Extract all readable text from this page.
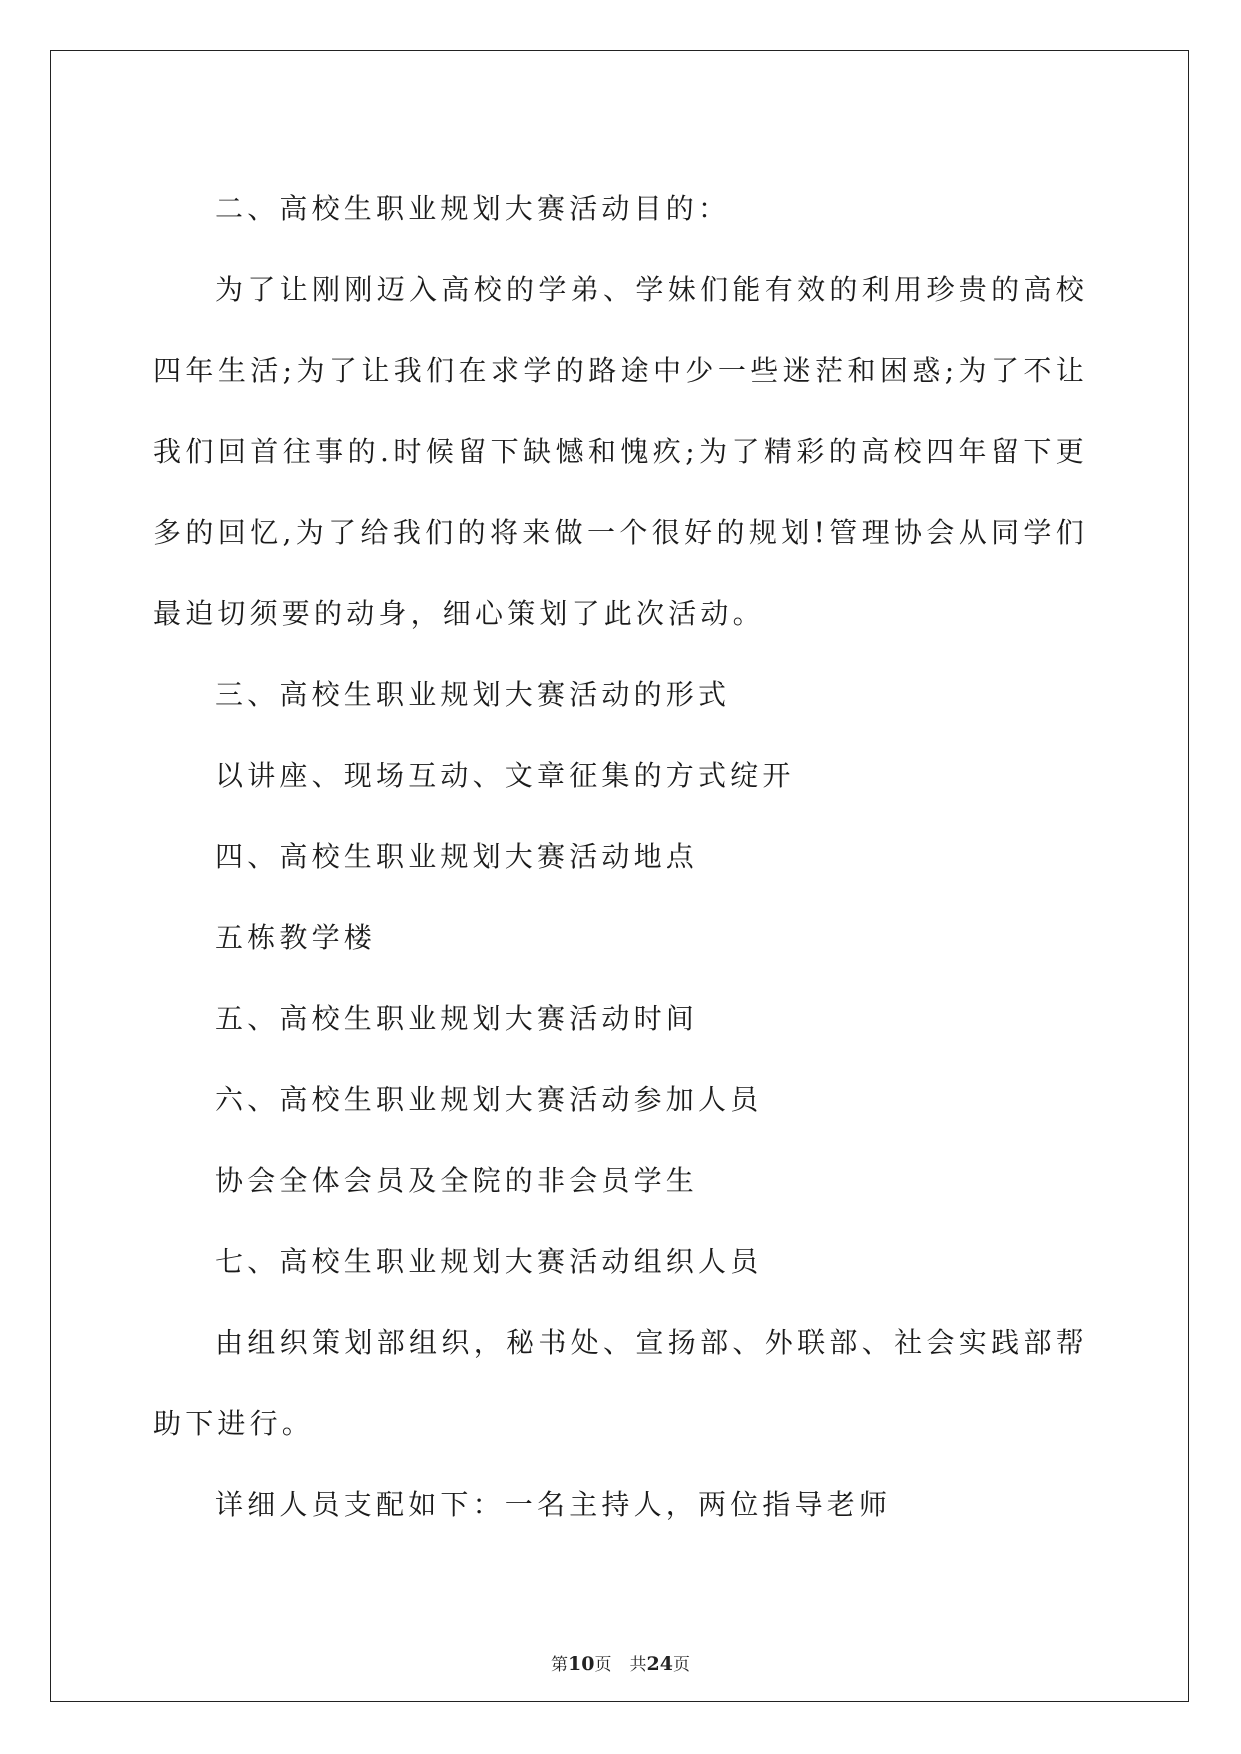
二、高校生职业规划大赛活动目的：

为了让刚刚迈入高校的学弟、学妹们能有效的利用珍贵的高校四年生活;为了让我们在求学的路途中少一些迷茫和困惑;为了不让我们回首往事的.时候留下缺憾和愧疚;为了精彩的高校四年留下更多的回忆,为了给我们的将来做一个很好的规划!管理协会从同学们最迫切须要的动身，细心策划了此次活动。

三、高校生职业规划大赛活动的形式

以讲座、现场互动、文章征集的方式绽开

四、高校生职业规划大赛活动地点

五栋教学楼

五、高校生职业规划大赛活动时间

六、高校生职业规划大赛活动参加人员

协会全体会员及全院的非会员学生

七、高校生职业规划大赛活动组织人员

由组织策划部组织，秘书处、宣扬部、外联部、社会实践部帮助下进行。

详细人员支配如下：一名主持人，两位指导老师

第10页 共24页
